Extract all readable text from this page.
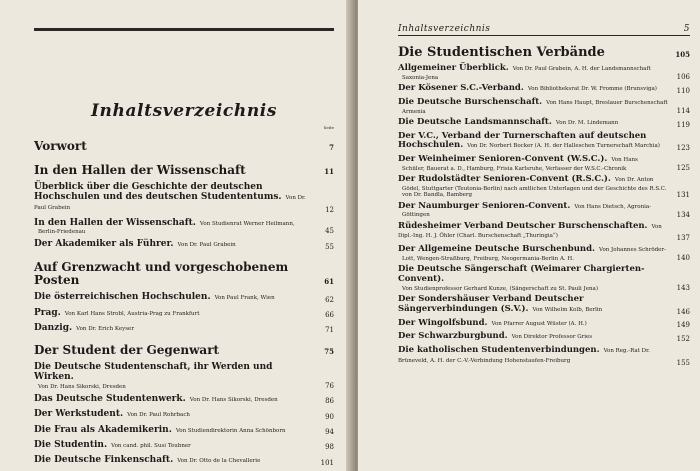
Inhaltsverzeichnis
Seite
Vorwort	7
In den Hallen der Wissenschaft	11
Überblick über die Geschichte der deutschen Hochschulen und des deutschen Studententums. Von Dr. Paul Grabein	12
In den Hallen der Wissenschaft. Von Studienrat Werner Heilmann,
Berlin-Friedenau	45
Der Akademiker als Führer. Von Dr. Paul Grabein	55
Auf Grenzwacht und vorgeschobenem Posten	61
Die österreichischen Hochschulen. Von Paul Frank, Wien	62
Prag. Von Karl Hans Strobl, Austria-Prag zu Frankfurt	66
Danzig. Von Dr. Erich Keyser	71
Der Student der Gegenwart	75
Die Deutsche Studentenschaft, ihr Werden und Wirken.
Von Dr. Hans Sikorski, Dresden	76
Das Deutsche Studentenwerk. Von Dr. Hans Sikorski, Dresden	86
Der Werkstudent. Von Dr. Paul Rohrbach	90
Die Frau als Akademikerin. Von Studiendirektorin Anna Schönborn	94
Die Studentin. Von cand. phil. Susi Teubner	98
Die Deutsche Finkenschaft. Von Dr. Otto de la Chevallerie	101
Inhaltsverzeichnis	5
Die Studentischen Verbände	105
Allgemeiner Überblick. Von Dr. Paul Grabein, A. H. der Landsmannschaft
Saxonia-Jena	106
Der Kösener S.C.-Verband. Von Bibliotheksrat Dr. W. Fromme (Brunsviga)	110
Die Deutsche Burschenschaft. Von Hans Haupt, Breslauer Burschenschaft
Armenia	114
Die Deutsche Landsmannschaft. Von Dr. M. Lindemann	119
Der V.C., Verband der Turnerschaften auf deutschen Hochschulen. Von Dr. Norbert Bocker (A. H. der Halleschen Turnerschaft Marchia)	123
Der Weinheimer Senioren-Convent (W.S.C.). Von Hans
Schüler, Bauerat a. D., Hamburg, Frisia Karlsruhe, Verfasser der W.S.C.-Chronik	125
Der Rudolstädter Senioren-Convent (R.S.C.). Von Dr. Anton
Gödel, Stuttgarter (Teutonia-Berlin) nach amtlichen Unterlagen und der Geschichte des R.S.C. von Dr. Bandla, Bamberg	131
Der Naumburger Senioren-Convent. Von Hans Dietsch, Agronia-
Göttingen	134
Rüdesheimer Verband Deutscher Burschenschaften. Von Dipl.-Ing. H. J. Öhler (Charl. Burschenschaft „Thuringia“)	137
Der Allgemeine Deutsche Burschenbund. Von Johannes Schröder-
Lott, Wengen-Straßburg, Freiburg, Neogermania-Berlin A. H.	140
Die Deutsche Sängerschaft (Weimarer Chargierten-Convent).
Von Studienprofessor Gerhard Kunze, (Sängerschaft zu St. Pauli Jena)	143
Der Sondershäuser Verband Deutscher Sängerverbindungen (S.V.). Von Wilhelm Kolb, Berlin	146
Der Wingolfsbund. Von Pfarrer August Wüster (A. H.)	149
Der Schwarzburgbund. Von Direktor Professor Gries	152
Die katholischen Studentenverbindungen. Von Reg.-Rat Dr. Brüneveld, A. H. der C.-V.-Verbindung Hohenstaufen-Freiburg	155
